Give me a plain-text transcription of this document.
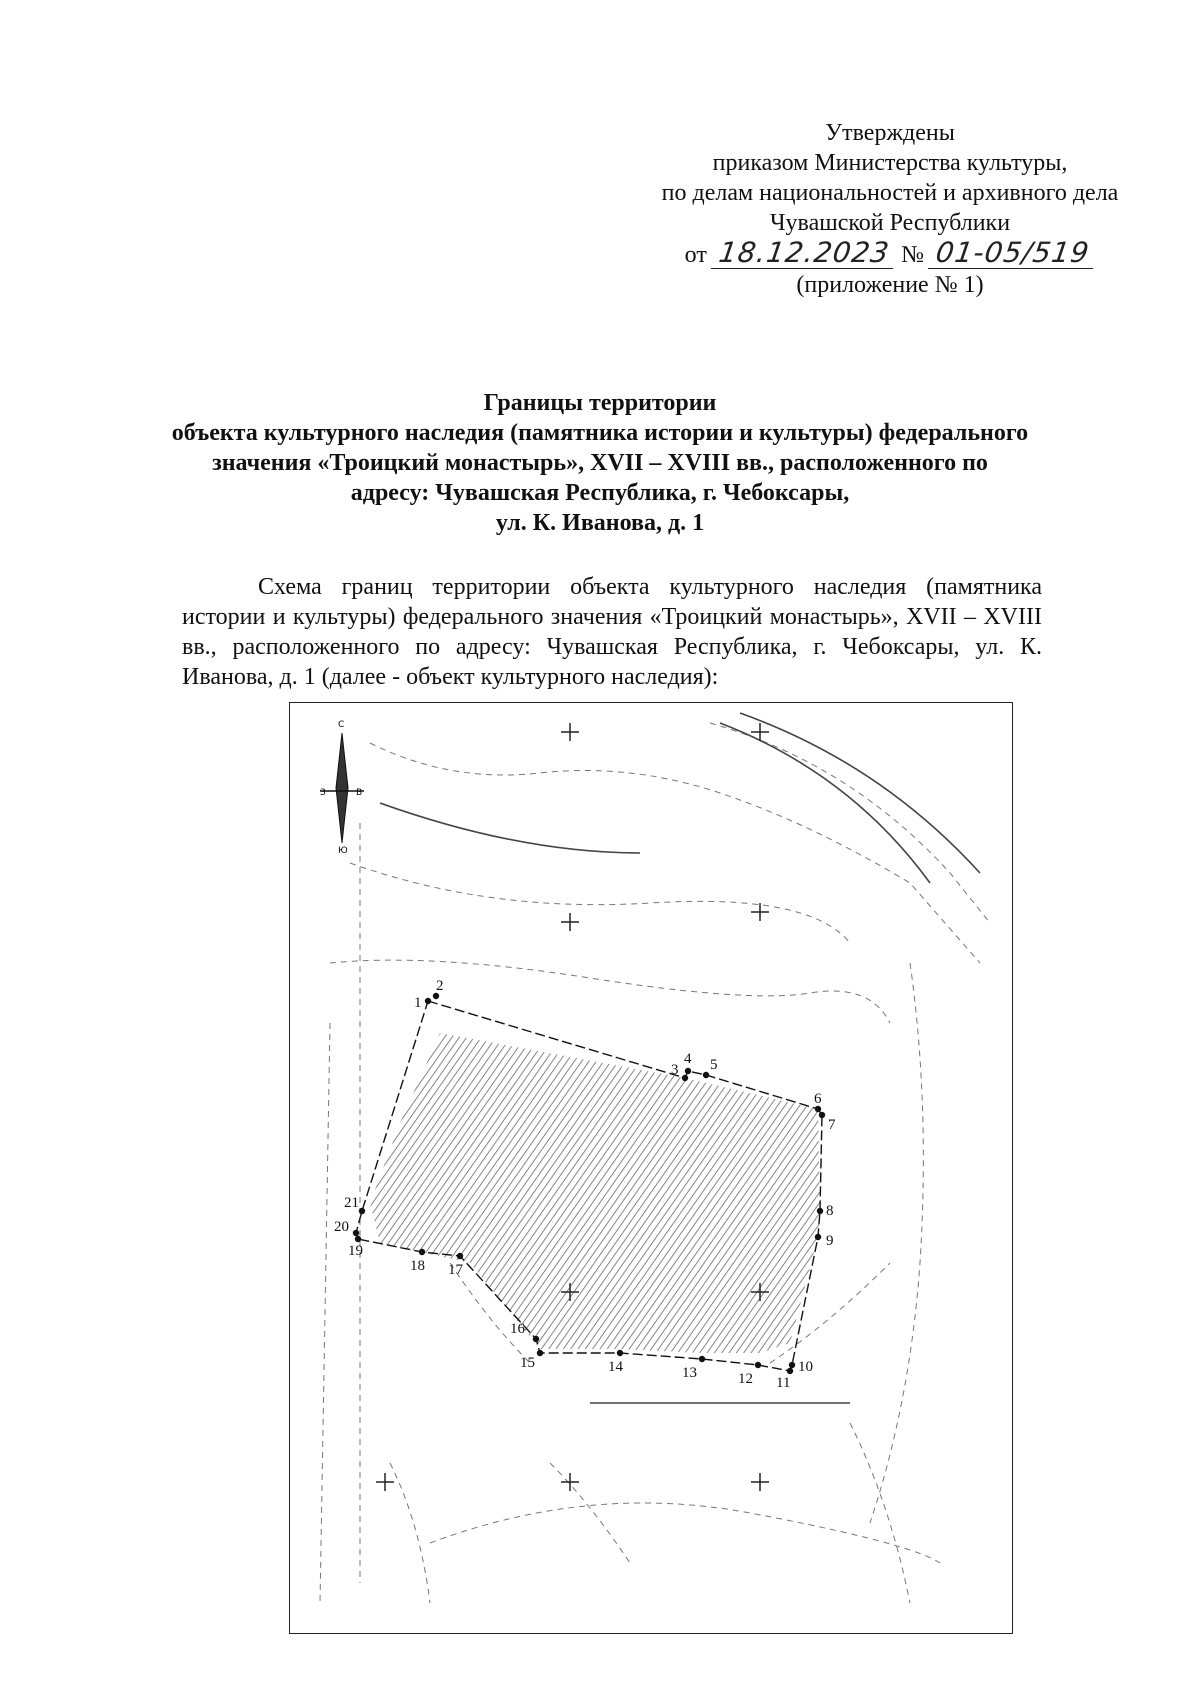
Утверждены
приказом Министерства культуры,
по делам национальностей и архивного дела
Чувашской Республики
от 18.12.2023 № 01-05/519
(приложение № 1)
Границы территории
объекта культурного наследия (памятника истории и культуры) федерального
значения «Троицкий монастырь», XVII – XVIII вв., расположенного по
адресу: Чувашская Республика, г. Чебоксары,
ул. К. Иванова, д. 1

Схема границ территории объекта культурного наследия (памятника истории и культуры) федерального значения «Троицкий монастырь», XVII – XVIII вв., расположенного по адресу: Чувашская Республика, г. Чебоксары, ул. К. Иванова, д. 1 (далее - объект культурного наследия):

С
З	В
Ю
1
2
3
4 5
6
7
8
9
10
11
12
13
14
15
16
17
18
19
20
21
